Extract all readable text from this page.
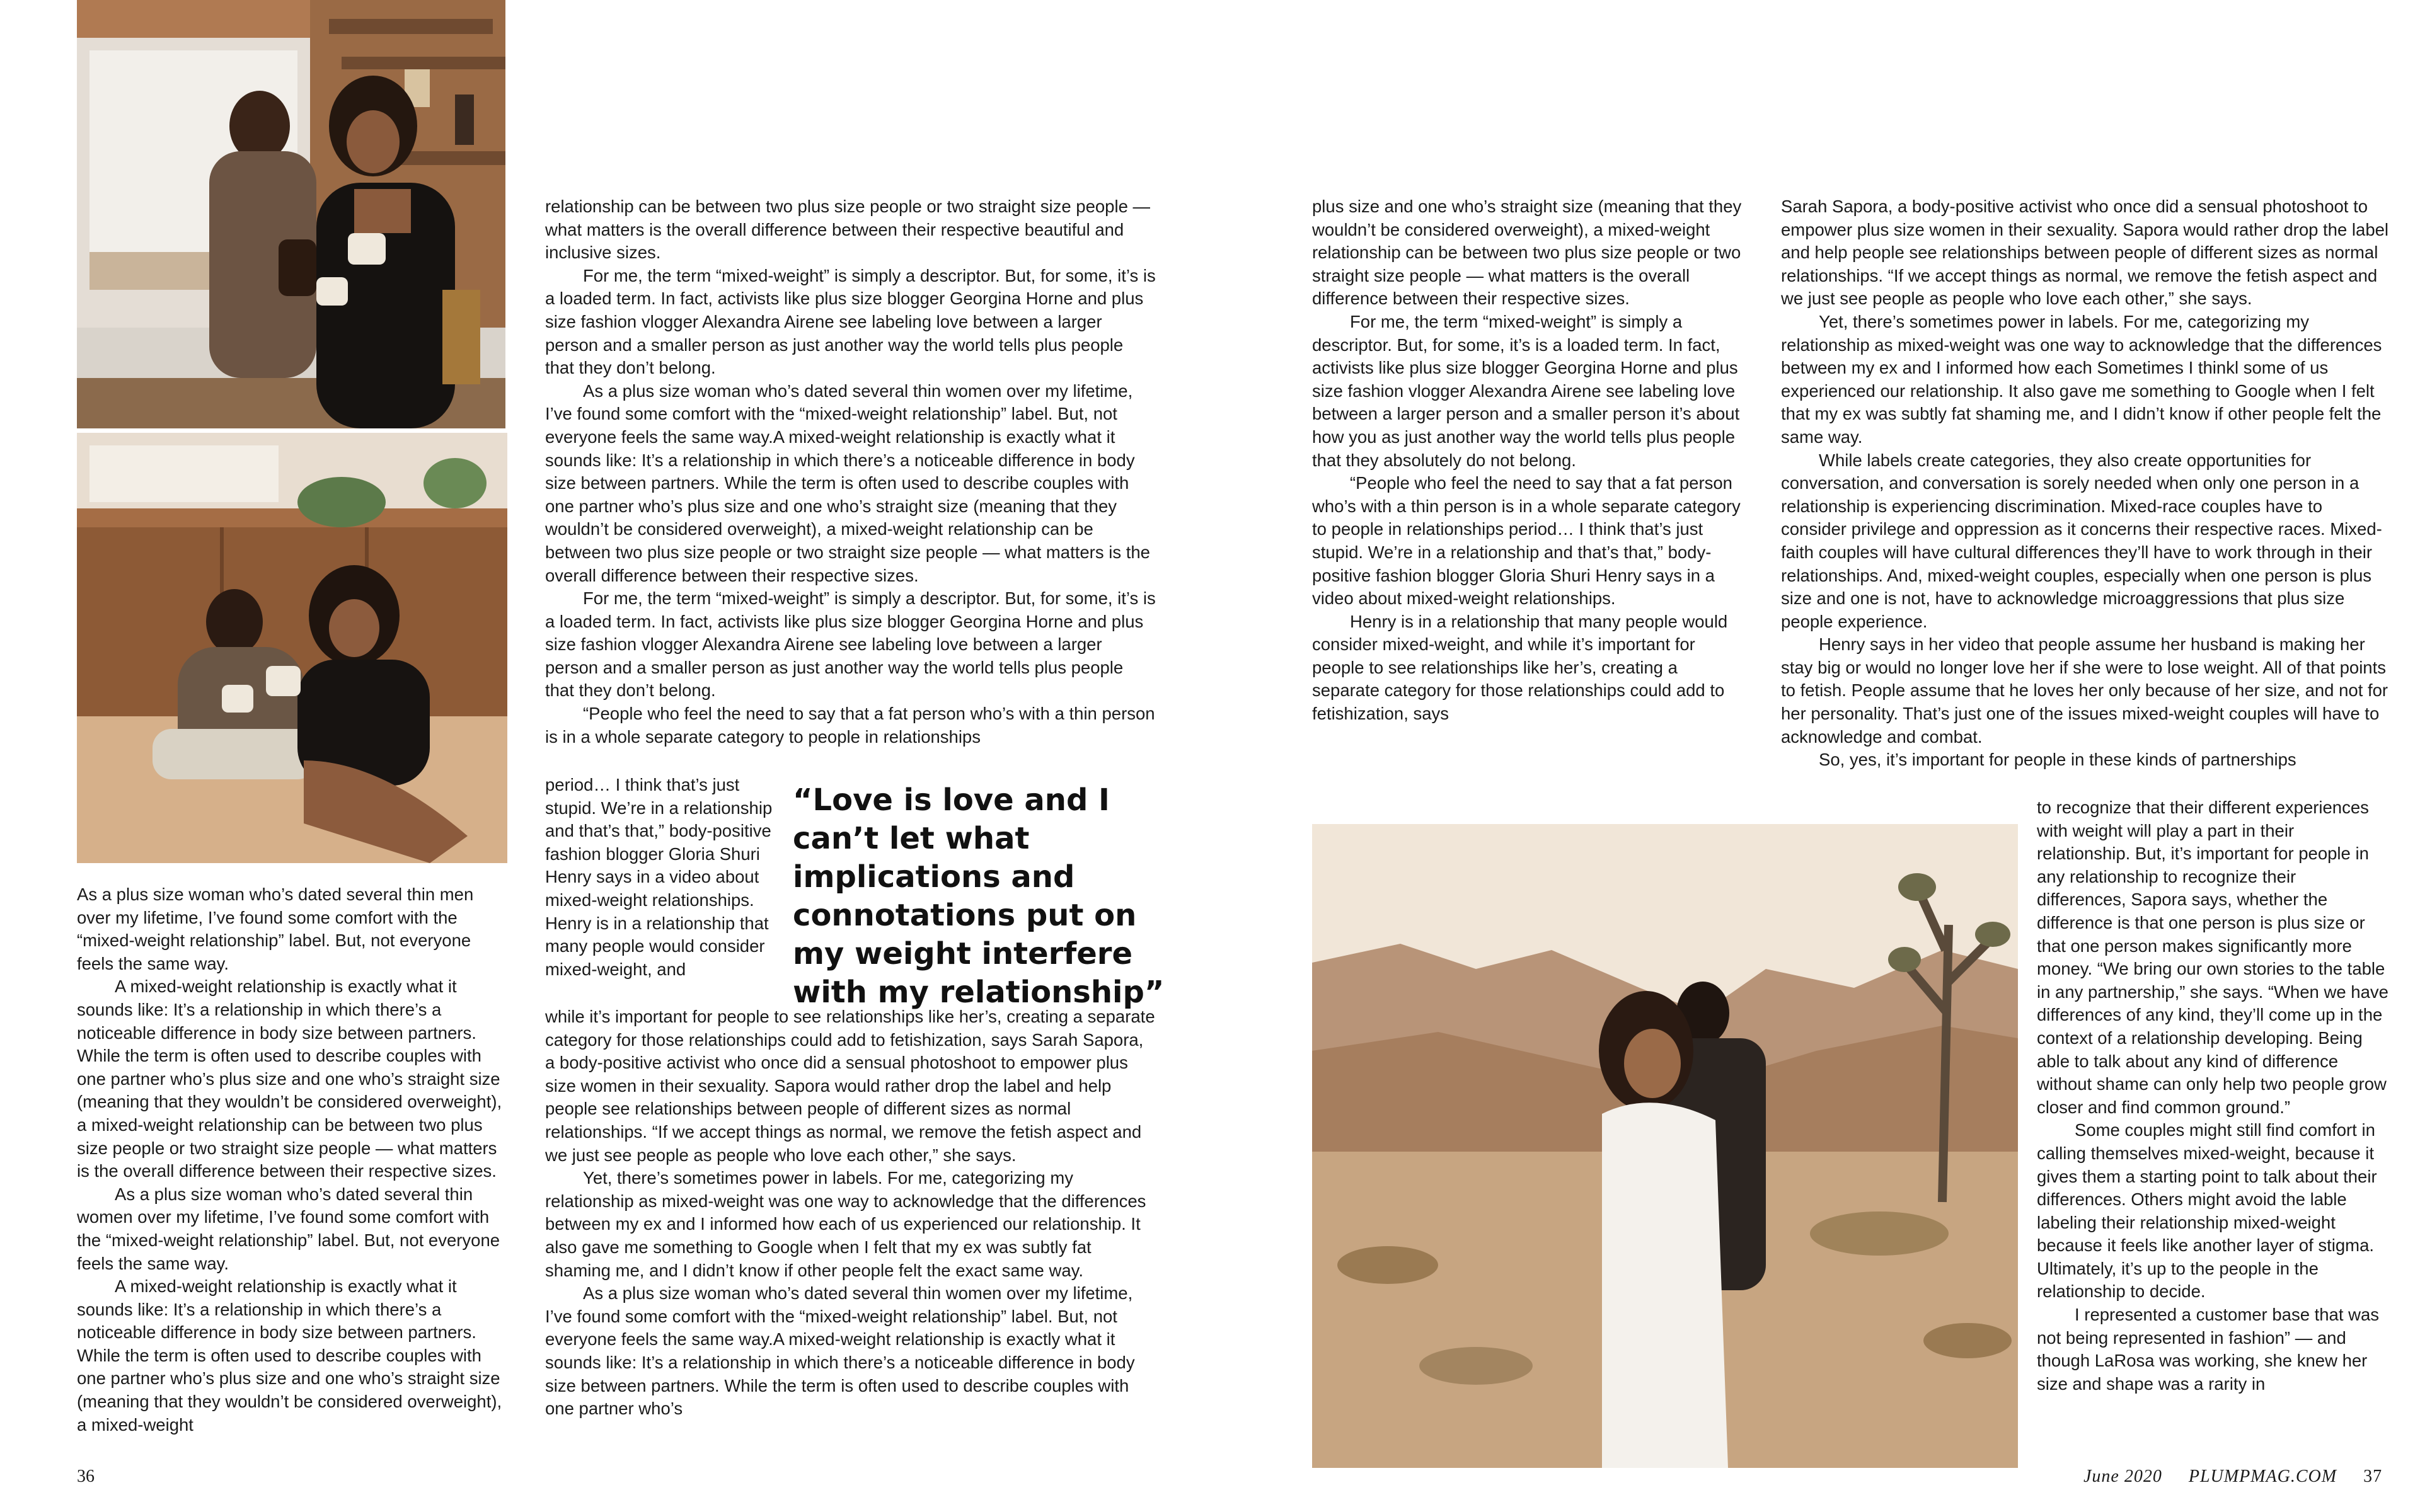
As a plus size woman who’s dated several thin men over my lifetime, I’ve found some comfort with the “mixed-weight relationship” label. But, not everyone feels the same way.

A mixed-weight relationship is exactly what it sounds like: It’s a relationship in which there’s a noticeable difference in body size between partners. While the term is often used to describe couples with one partner who’s plus size and one who’s straight size (meaning that they wouldn’t be considered overweight), a mixed-weight relationship can be between two plus size people or two straight size people — what matters is the overall difference between their respective sizes.

As a plus size woman who’s dated several thin women over my lifetime, I’ve found some comfort with the “mixed-weight relationship” label. But, not everyone feels the same way.

A mixed-weight relationship is exactly what it sounds like: It’s a relationship in which there’s a noticeable difference in body size between partners. While the term is often used to describe couples with one partner who’s plus size and one who’s straight size (meaning that they wouldn’t be considered overweight), a mixed-weight

relationship can be between two plus size people or two straight size people — what matters is the overall difference between their respective beautiful and inclusive sizes.

For me, the term “mixed-weight” is simply a descriptor. But, for some, it’s is a loaded term. In fact, activists like plus size blogger Georgina Horne and plus size fashion vlogger Alexandra Airene see labeling love between a larger person and a smaller person as just another way the world tells plus people that they don’t belong.

As a plus size woman who’s dated several thin women over my lifetime, I’ve found some comfort with the “mixed-weight relationship” label. But, not everyone feels the same way.A mixed-weight relationship is exactly what it sounds like: It’s a relationship in which there’s a noticeable difference in body size between partners. While the term is often used to describe couples with one partner who’s plus size and one who’s straight size (meaning that they wouldn’t be considered overweight), a mixed-weight relationship can be between two plus size people or two straight size people — what matters is the overall difference between their respective sizes.

For me, the term “mixed-weight” is simply a descriptor. But, for some, it’s is a loaded term. In fact, activists like plus size blogger Georgina Horne and plus size fashion vlogger Alexandra Airene see labeling love between a larger person and a smaller person as just another way the world tells plus people that they don’t belong.

“People who feel the need to say that a fat person who’s with a thin person is in a whole separate category to people in relationships

period… I think that’s just stupid. We’re in a relationship and that’s that,” body-positive fashion blogger Gloria Shuri Henry says in a video about mixed-weight relationships. Henry is in a relationship that many people would consider mixed-weight, and

“Love is love and I can’t let what implications and connotations put on my weight interfere with my relationship”

while it’s important for people to see relationships like her’s, creating a separate category for those relationships could add to fetishization, says Sarah Sapora, a body-positive activist who once did a sensual photoshoot to empower plus size women in their sexuality. Sapora would rather drop the label and help people see relationships between people of different sizes as normal relationships. “If we accept things as normal, we remove the fetish aspect and we just see people as people who love each other,” she says.

Yet, there’s sometimes power in labels. For me, categorizing my relationship as mixed-weight was one way to acknowledge that the differences between my ex and I informed how each of us experienced our relationship. It also gave me something to Google when I felt that my ex was subtly fat shaming me, and I didn’t know if other people felt the exact same way.

As a plus size woman who’s dated several thin women over my lifetime, I’ve found some comfort with the “mixed-weight relationship” label. But, not everyone feels the same way.A mixed-weight relationship is exactly what it sounds like: It’s a relationship in which there’s a noticeable difference in body size between partners. While the term is often used to describe couples with one partner who’s

plus size and one who’s straight size (meaning that they wouldn’t be considered overweight), a mixed-weight relationship can be between two plus size people or two straight size people — what matters is the overall difference between their respective sizes.

For me, the term “mixed-weight” is simply a descriptor. But, for some, it’s is a loaded term. In fact, activists like plus size blogger Georgina Horne and plus size fashion vlogger Alexandra Airene see labeling love between a larger person and a smaller person it’s about how you as just another way the world tells plus people that they absolutely do not belong.

“People who feel the need to say that a fat person who’s with a thin person is in a whole separate category to people in relationships period… I think that’s just stupid. We’re in a relationship and that’s that,” body-positive fashion blogger Gloria Shuri Henry says in a video about mixed-weight relationships.

Henry is in a relationship that many people would consider mixed-weight, and while it’s important for people to see relationships like her’s, creating a separate category for those relationships could add to fetishization, says

Sarah Sapora, a body-positive activist who once did a sensual photoshoot to empower plus size women in their sexuality. Sapora would rather drop the label and help people see relationships between people of different sizes as normal relationships. “If we accept things as normal, we remove the fetish aspect and we just see people as people who love each other,” she says.

Yet, there’s sometimes power in labels. For me, categorizing my relationship as mixed-weight was one way to acknowledge that the differences between my ex and I informed how each Sometimes I thinkl some of us experienced our relationship. It also gave me something to Google when I felt that my ex was subtly fat shaming me, and I didn’t know if other people felt the same way.

While labels create categories, they also create opportunities for conversation, and conversation is sorely needed when only one person in a relationship is experiencing discrimination. Mixed-race couples have to consider privilege and oppression as it concerns their respective races. Mixed-faith couples will have cultural differences they’ll have to work through in their relationships. And, mixed-weight couples, especially when one person is plus size and one is not, have to acknowledge microaggressions that plus size people experience.

Henry says in her video that people assume her husband is making her stay big or would no longer love her if she were to lose weight. All of that points to fetish. People assume that he loves her only because of her size, and not for her personality. That’s just one of the issues mixed-weight couples will have to acknowledge and combat.

So, yes, it’s important for people in these kinds of partnerships

to recognize that their different experiences with weight will play a part in their relationship. But, it’s important for people in any relationship to recognize their differences, Sapora says, whether the difference is that one person is plus size or that one person makes significantly more money. “We bring our own stories to the table in any partnership,” she says. “When we have differences of any kind, they’ll come up in the context of a relationship developing. Being able to talk about any kind of difference without shame can only help two people grow closer and find common ground.”

Some couples might still find comfort in calling themselves mixed-weight, because it gives them a starting point to talk about their differences. Others might avoid the lable labeling their relationship mixed-weight because it feels like another layer of stigma. Ultimately, it’s up to the people in the relationship to decide.

I represented a customer base that was not being represented in fashion” — and though LaRosa was working, she knew her size and shape was a rarity in

36	June 2020 PLUMPMAG.COM 37
